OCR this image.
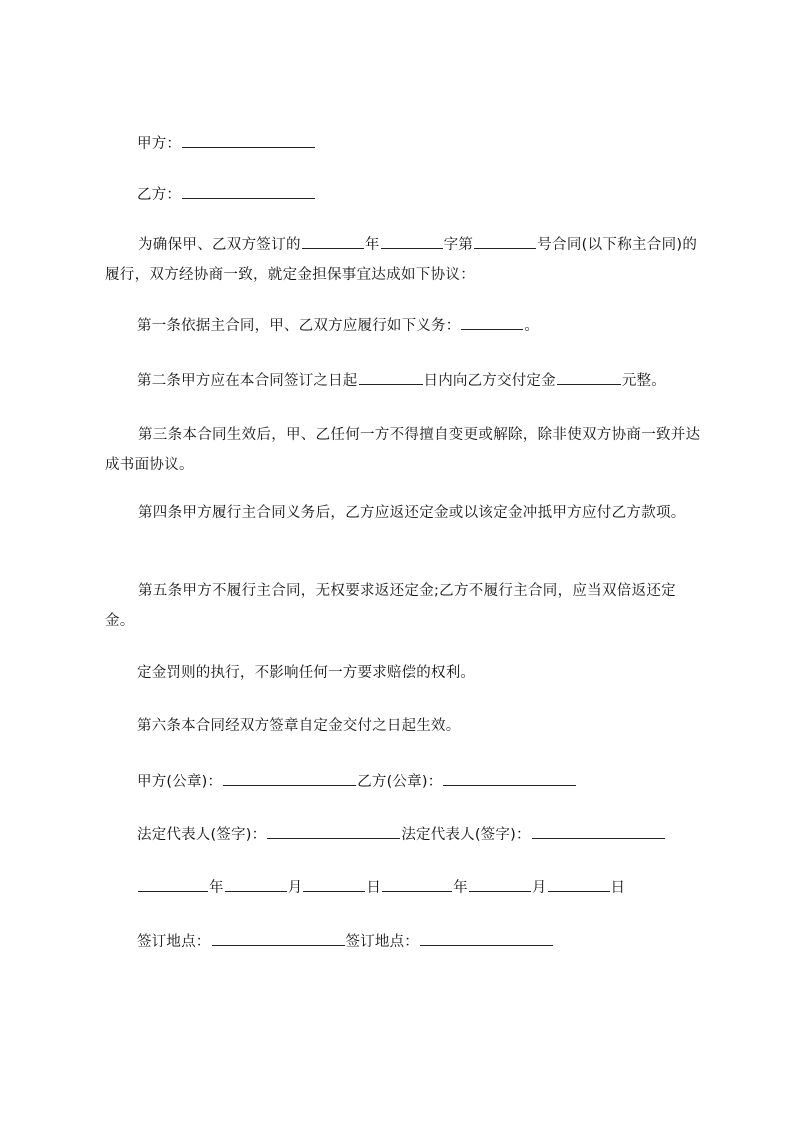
甲方：
乙方：
为确保甲、乙双方签订的	年	字第	号合同(以下称主合同)的履行，双方经协商一致，就定金担保事宜达成如下协议：
第一条依据主合同，甲、乙双方应履行如下义务：	。
第二条甲方应在本合同签订之日起	日内向乙方交付定金	元整。
第三条本合同生效后，甲、乙任何一方不得擅自变更或解除，除非使双方协商一致并达成书面协议。
第四条甲方履行主合同义务后，乙方应返还定金或以该定金冲抵甲方应付乙方款项。
第五条甲方不履行主合同，无权要求返还定金;乙方不履行主合同，应当双倍返还定金。
定金罚则的执行，不影响任何一方要求赔偿的权利。
第六条本合同经双方签章自定金交付之日起生效。
甲方(公章)：	乙方(公章)：
法定代表人(签字)：	法定代表人(签字)：
年	月	日	年	月	日
签订地点：	签订地点：
